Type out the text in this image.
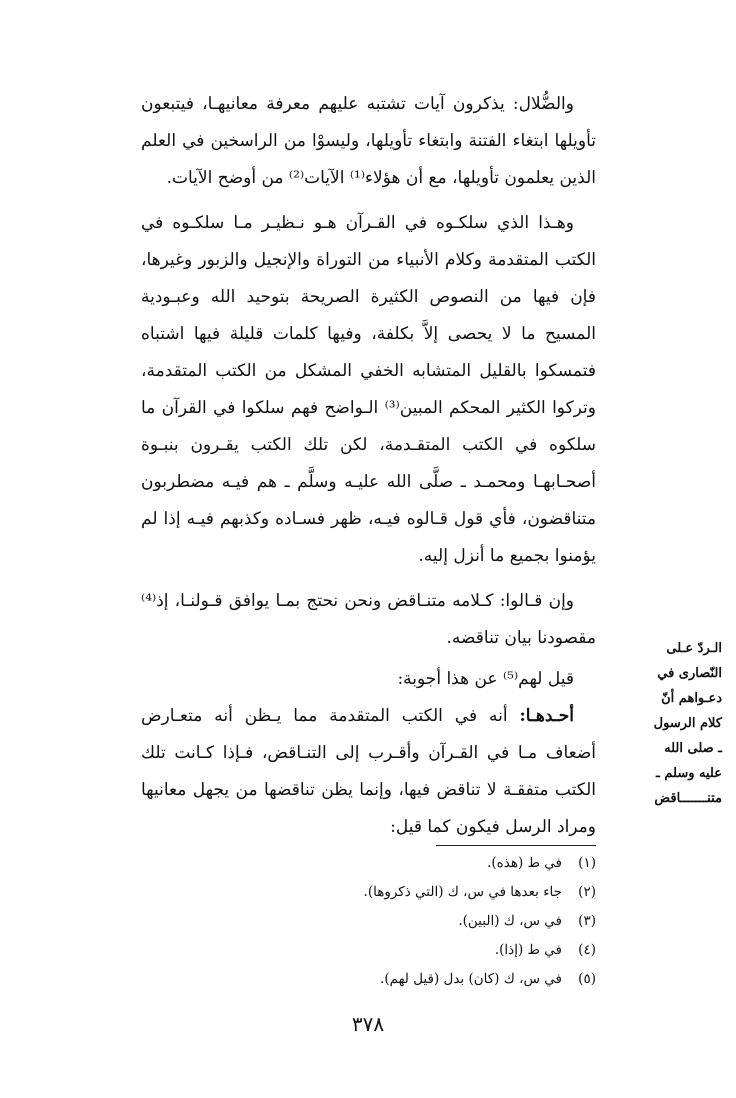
والضُّلال: يذكرون آيات تشتبه عليهم معرفة معانيهـا، فيتبعون تأويلها ابتغاء الفتنة وابتغاء تأويلها، وليسوْا من الراسخين في العلم الذين يعلمون تأويلها، مع أن هؤلاء⁽¹⁾ الآيات⁽²⁾ من أوضح الآيات.

وهـذا الذي سلكـوه في القـرآن هـو نـظيـر مـا سلكـوه في الكتب المتقدمة وكلام الأنبياء من التوراة والإنجيل والزبور وغيرها، فإن فيها من النصوص الكثيرة الصريحة بتوحيد الله وعبـودية المسيح ما لا يحصى إلاَّ بكلفة، وفيها كلمات قليلة فيها اشتباه فتمسكوا بالقليل المتشابه الخفي المشكل من الكتب المتقدمة، وتركوا الكثير المحكم المبين⁽³⁾ الـواضح فهم سلكوا في القرآن ما سلكوه في الكتب المتقـدمة، لكن تلك الكتب يقـرون بنبـوة أصحـابهـا ومحمـد ـ صلَّى الله عليـه وسلَّم ـ هم فيـه مضطربون متناقضون، فأي قول قـالوه فيـه، ظهر فسـاده وكذبهم فيـه إذا لم يؤمنوا بجميع ما أنزل إليه.

وإن قـالوا: كـلامه متنـاقض ونحن نحتج بمـا يوافق قـولنـا، إذ⁽⁴⁾ مقصودنا بيان تناقضه.

قيل لهم⁽⁵⁾ عن هذا أجوبة:

أحـدهـا: أنه في الكتب المتقدمة مما يـظن أنه متعـارض أضعاف مـا في القـرآن وأقـرب إلى التنـاقض، فـإذا كـانت تلك الكتب متفقـة لا تناقض فيها، وإنما يظن تناقضها من يجهل معانيها ومراد الرسل فيكون كما قيل:

الـردّ عـلى
النّصارى في
دعـواهم أنّ
كلام الرسول
ـ صلى الله
عليه وسلم ـ
متنـــــــاقض
(١)في ط (هذه).
(٢)جاء بعدها في س، ك (التي ذكروها).
(٣)في س، ك (البين).
(٤)في ط (إذا).
(٥)في س، ك (كان) بدل (قيل لهم).
٣٧٨
